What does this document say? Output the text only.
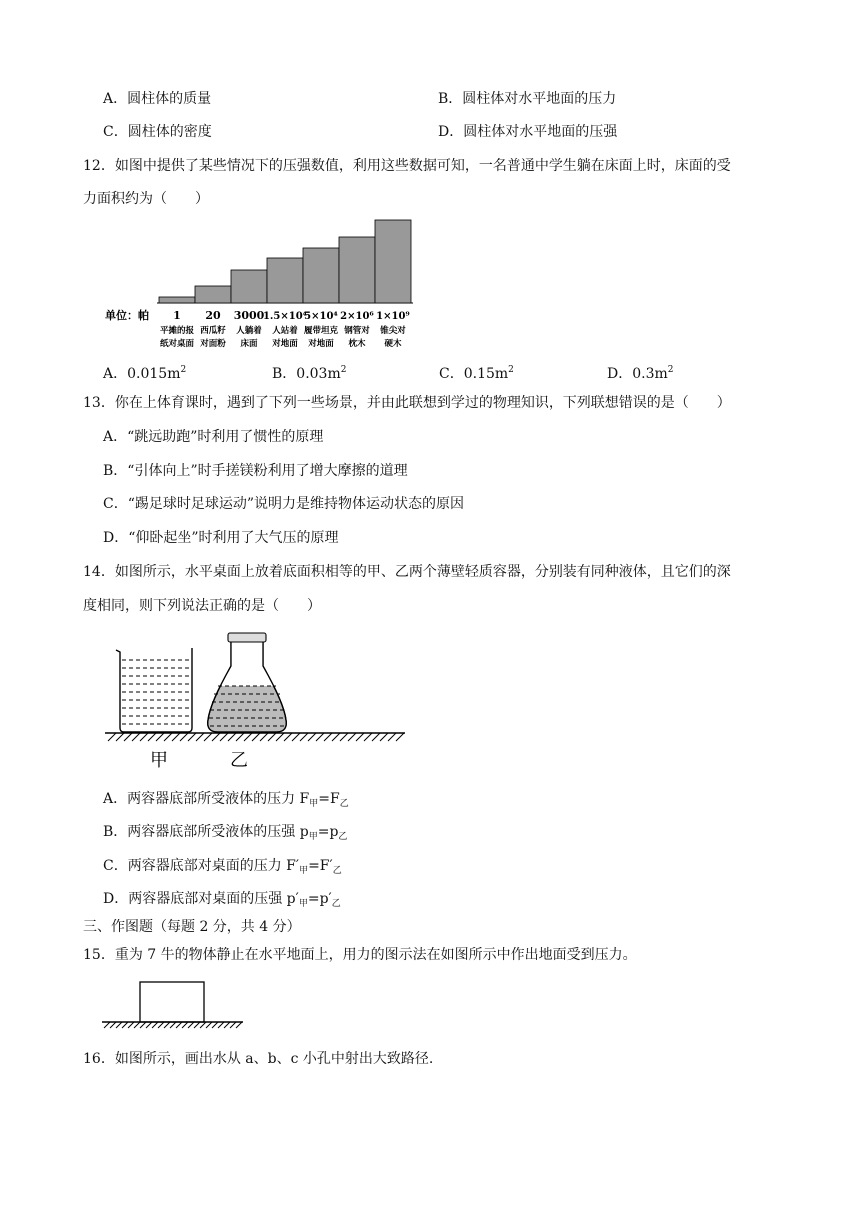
A．圆柱体的质量	B．圆柱体对水平地面的压力
C．圆柱体的密度	D．圆柱体对水平地面的压强
12．如图中提供了某些情况下的压强数值，利用这些数据可知，一名普通中学生躺在床面上时，床面的受
力面积约为（　　）
单位：帕 1 20 3000
1.5×10⁴
5×10⁴ 2×10⁶ 1×10⁹
平摊的报 西瓜籽 人躺着 人站着 履带坦克 钢管对 锥尖对
纸对桌面 对面粉 床面 对地面 对地面 枕木 硬木
A．$0.015m^2$	B．$0.03m^2$	C．$0.15m^2$	D．$0.3m^2$
13．你在上体育课时，遇到了下列一些场景，并由此联想到学过的物理知识，下列联想错误的是（　　）
A．“跳远助跑”时利用了惯性的原理
B．“引体向上”时手搓镁粉利用了增大摩擦的道理
C．“踢足球时足球运动”说明力是维持物体运动状态的原因
D．“仰卧起坐”时利用了大气压的原理
14．如图所示，水平桌面上放着底面积相等的甲、乙两个薄壁轻质容器，分别装有同种液体，且它们的深
度相同，则下列说法正确的是（　　）
甲	乙
A．两容器底部所受液体的压力 $F_甲=F_乙$
B．两容器底部所受液体的压强 $p_甲=p_乙$
C．两容器底部对桌面的压力 $F'_甲=F'_乙$
D．两容器底部对桌面的压强 $p'_甲=p'_乙$
三、作图题（每题 2 分，共 4 分）
15．重为 7 牛的物体静止在水平地面上，用力的图示法在如图所示中作出地面受到压力。
16．如图所示，画出水从 a、b、c 小孔中射出大致路径.
